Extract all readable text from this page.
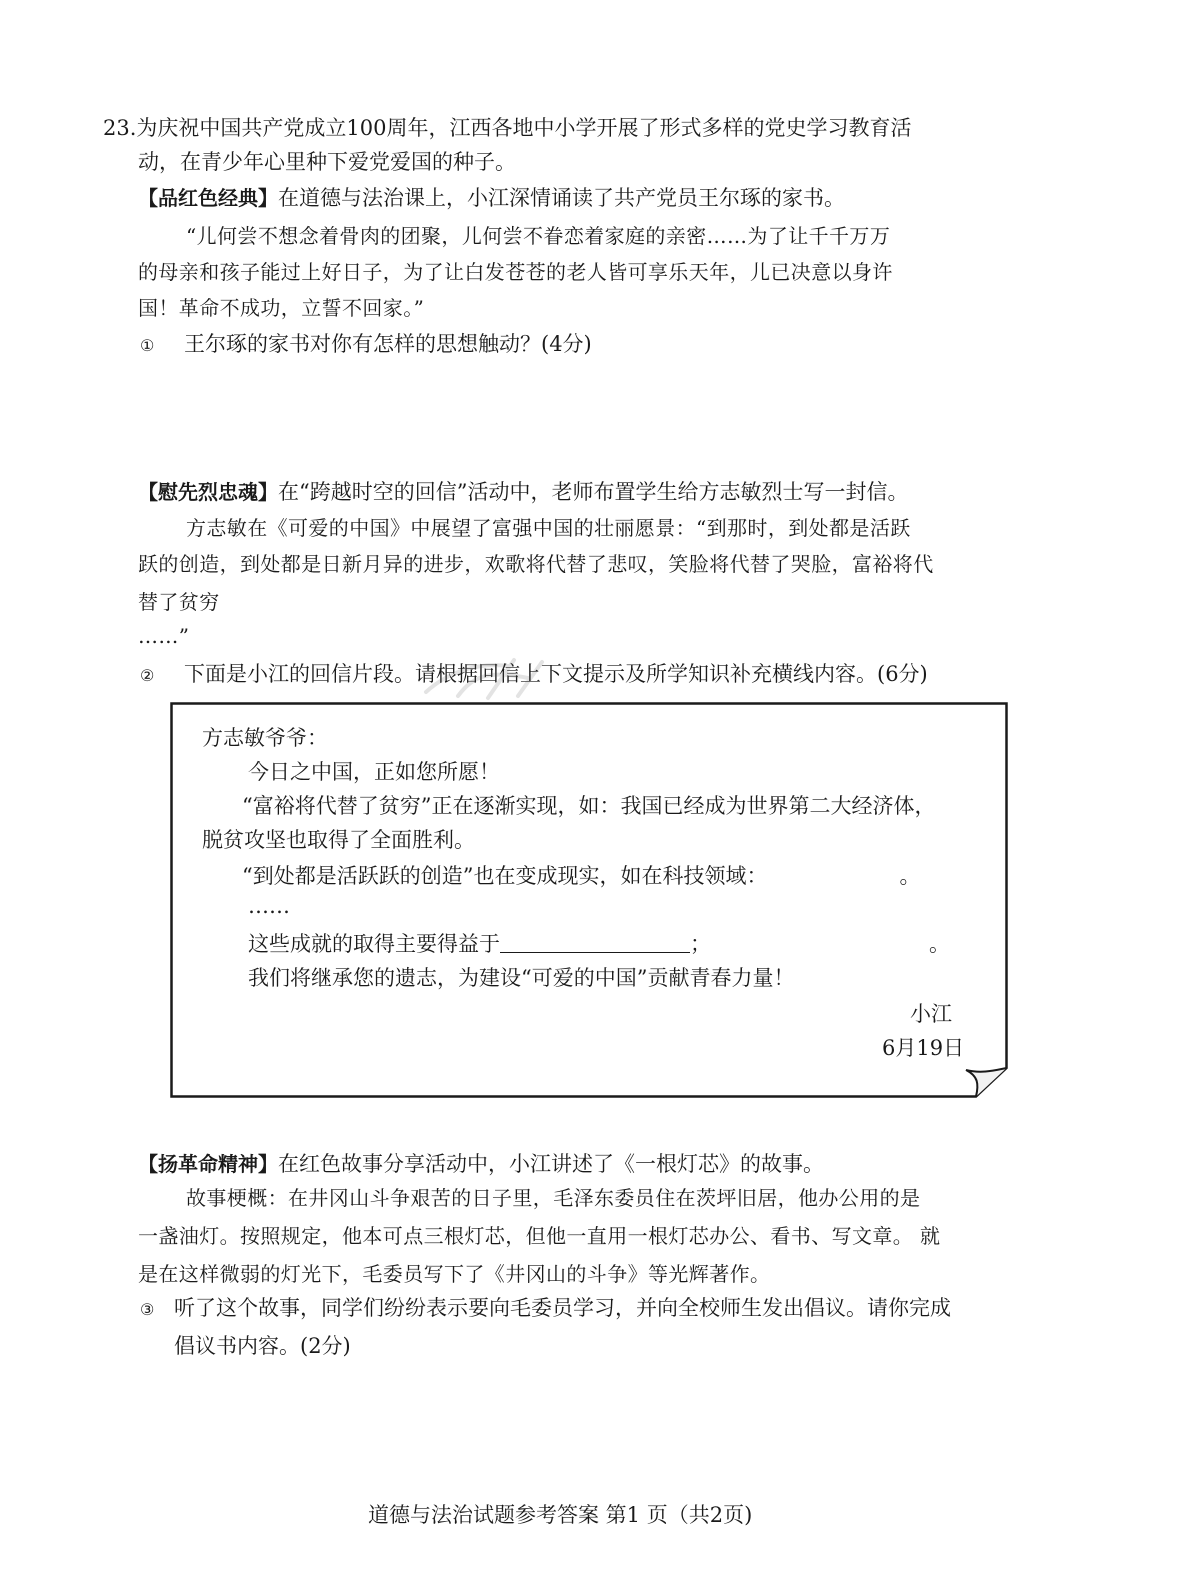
23.为庆祝中国共产党成立100周年，江西各地中小学开展了形式多样的党史学习教育活
动，在青少年心里种下爱党爱国的种子。
【品红色经典】在道德与法治课上，小江深情诵读了共产党员王尔琢的家书。
“儿何尝不想念着骨肉的团聚，儿何尝不眷恋着家庭的亲密……为了让千千万万
的母亲和孩子能过上好日子，为了让白发苍苍的老人皆可享乐天年，儿已决意以身许
国！革命不成功，立誓不回家。”
① 王尔琢的家书对你有怎样的思想触动？(4分)
【慰先烈忠魂】在“跨越时空的回信”活动中，老师布置学生给方志敏烈士写一封信。
方志敏在《可爱的中国》中展望了富强中国的壮丽愿景：“到那时，到处都是活跃
跃的创造，到处都是日新月异的进步，欢歌将代替了悲叹，笑脸将代替了哭脸，富裕将代
替了贫穷
……”
② 下面是小江的回信片段。请根据回信上下文提示及所学知识补充横线内容。(6分)
方志敏爷爷：
今日之中国，正如您所愿！
“富裕将代替了贫穷”正在逐渐实现，如：我国已经成为世界第二大经济体，
脱贫攻坚也取得了全面胜利。
“到处都是活跃跃的创造”也在变成现实，如在科技领域：	。
……
这些成就的取得主要得益于	；	。
我们将继承您的遗志，为建设“可爱的中国”贡献青春力量！
小江
6月19日
【扬革命精神】在红色故事分享活动中，小江讲述了《一根灯芯》的故事。
故事梗概：在井冈山斗争艰苦的日子里，毛泽东委员住在茨坪旧居，他办公用的是
一盏油灯。按照规定，他本可点三根灯芯，但他一直用一根灯芯办公、看书、写文章。 就
是在这样微弱的灯光下，毛委员写下了《井冈山的斗争》等光辉著作。
③ 听了这个故事，同学们纷纷表示要向毛委员学习，并向全校师生发出倡议。请你完成
倡议书内容。(2分)
道德与法治试题参考答案 第1 页（共2页)
